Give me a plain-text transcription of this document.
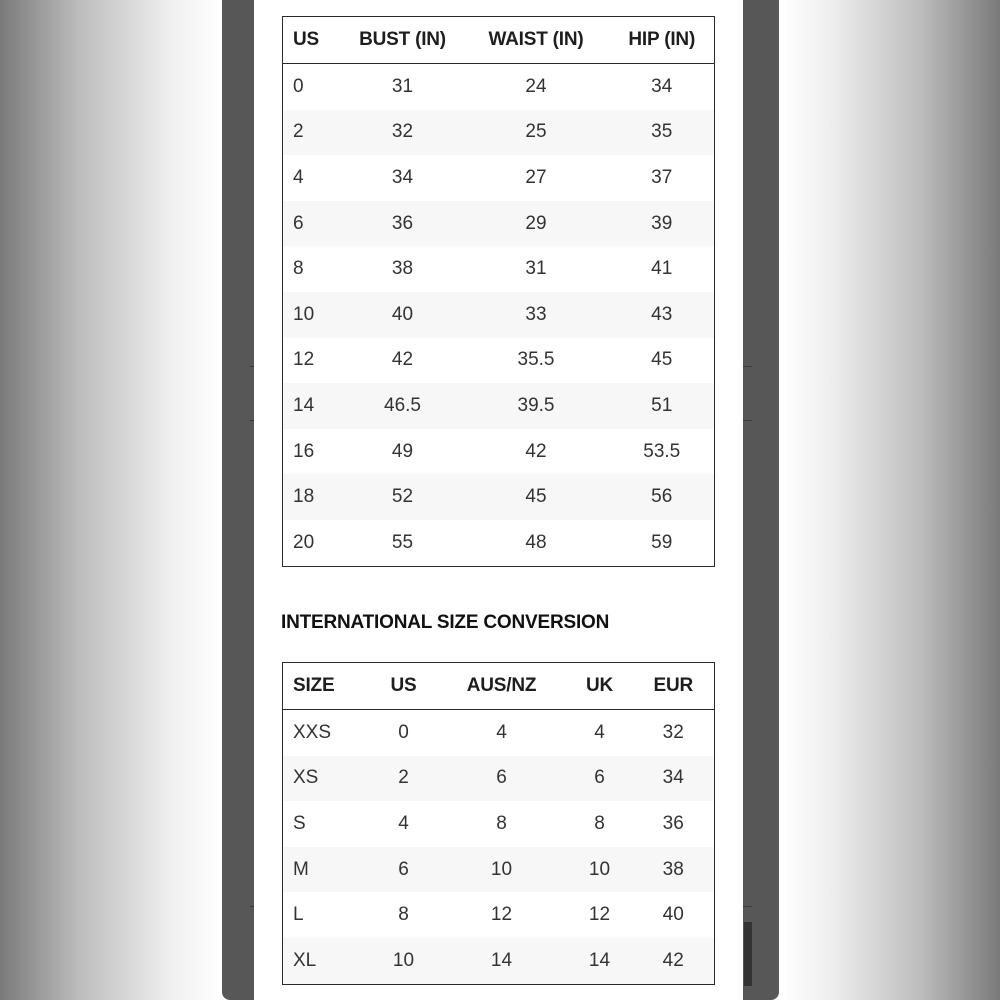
US	BUST (IN)	WAIST (IN)	HIP (IN)
0	31	24	34
2	32	25	35
4	34	27	37
6	36	29	39
8	38	31	41
10	40	33	43
12	42	35.5	45
14	46.5	39.5	51
16	49	42	53.5
18	52	45	56
20	55	48	59
INTERNATIONAL SIZE CONVERSION
SIZE	US	AUS/NZ	UK	EUR
XXS	0	4	4	32
XS	2	6	6	34
S	4	8	8	36
M	6	10	10	38
L	8	12	12	40
XL	10	14	14	42
